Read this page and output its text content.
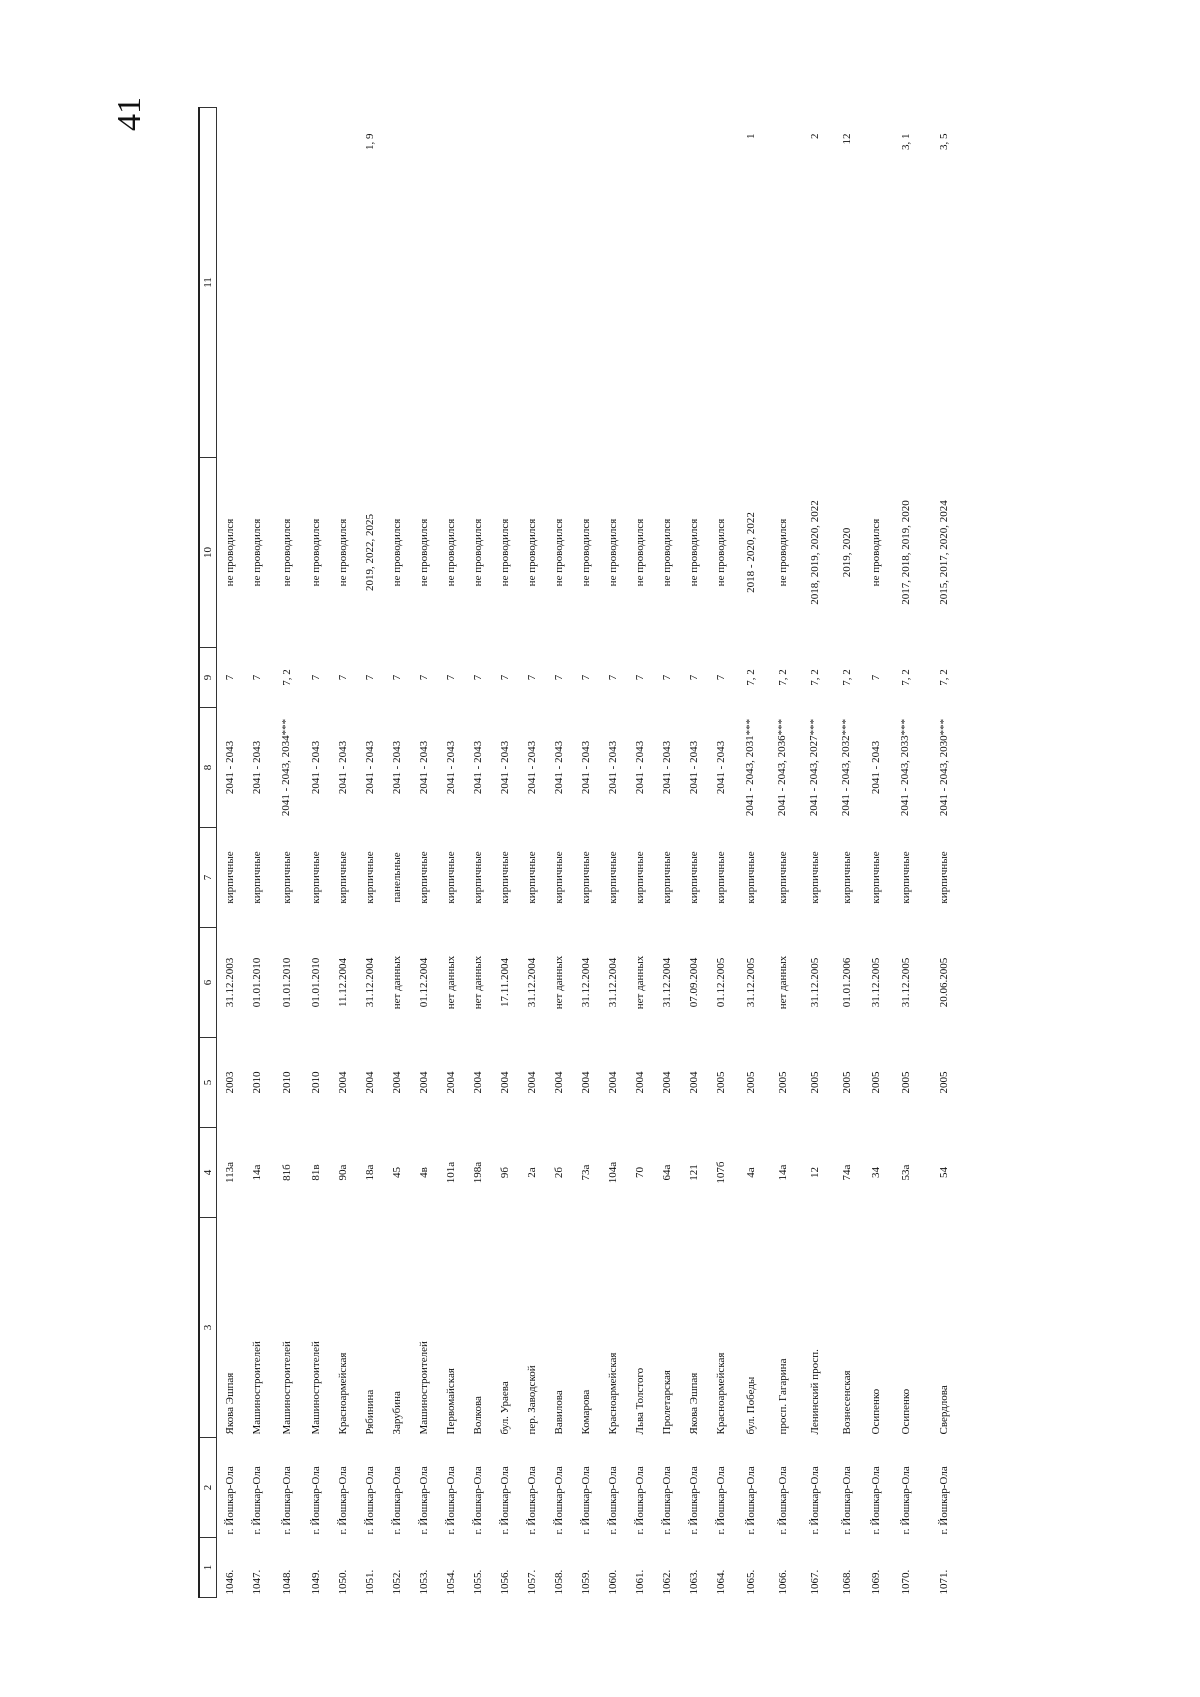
41
1	2	3	4	5	6	7	8	9	10	11
1046.	г. Йошкар-Ола	Якова Эшпая	113а	2003	31.12.2003	кирпичные	2041 - 2043	7	не проводился	
1047.	г. Йошкар-Ола	Машиностроителей	14а	2010	01.01.2010	кирпичные	2041 - 2043	7	не проводился	
1048.	г. Йошкар-Ола	Машиностроителей	81б	2010	01.01.2010	кирпичные	2041 - 2043, 2034***	7, 2	не проводился	
1049.	г. Йошкар-Ола	Машиностроителей	81в	2010	01.01.2010	кирпичные	2041 - 2043	7	не проводился	
1050.	г. Йошкар-Ола	Красноармейская	90а	2004	11.12.2004	кирпичные	2041 - 2043	7	не проводился	
1051.	г. Йошкар-Ола	Рябинина	18а	2004	31.12.2004	кирпичные	2041 - 2043	7	2019, 2022, 2025	1, 9
1052.	г. Йошкар-Ола	Зарубина	45	2004	нет данных	панельные	2041 - 2043	7	не проводился	
1053.	г. Йошкар-Ола	Машиностроителей	4в	2004	01.12.2004	кирпичные	2041 - 2043	7	не проводился	
1054.	г. Йошкар-Ола	Первомайская	101а	2004	нет данных	кирпичные	2041 - 2043	7	не проводился	
1055.	г. Йошкар-Ола	Волкова	198а	2004	нет данных	кирпичные	2041 - 2043	7	не проводился	
1056.	г. Йошкар-Ола	бул. Ураева	9б	2004	17.11.2004	кирпичные	2041 - 2043	7	не проводился	
1057.	г. Йошкар-Ола	пер. Заводской	2а	2004	31.12.2004	кирпичные	2041 - 2043	7	не проводился	
1058.	г. Йошкар-Ола	Вавилова	2б	2004	нет данных	кирпичные	2041 - 2043	7	не проводился	
1059.	г. Йошкар-Ола	Комарова	73а	2004	31.12.2004	кирпичные	2041 - 2043	7	не проводился	
1060.	г. Йошкар-Ола	Красноармейская	104а	2004	31.12.2004	кирпичные	2041 - 2043	7	не проводился	
1061.	г. Йошкар-Ола	Льва Толстого	70	2004	нет данных	кирпичные	2041 - 2043	7	не проводился	
1062.	г. Йошкар-Ола	Пролетарская	64а	2004	31.12.2004	кирпичные	2041 - 2043	7	не проводился	
1063.	г. Йошкар-Ола	Якова Эшпая	121	2004	07.09.2004	кирпичные	2041 - 2043	7	не проводился	
1064.	г. Йошкар-Ола	Красноармейская	107б	2005	01.12.2005	кирпичные	2041 - 2043	7	не проводился	
1065.	г. Йошкар-Ола	бул. Победы	4а	2005	31.12.2005	кирпичные	2041 - 2043, 2031***	7, 2	2018 - 2020, 2022	1
1066.	г. Йошкар-Ола	просп. Гагарина	14а	2005	нет данных	кирпичные	2041 - 2043, 2036***	7, 2	не проводился	
1067.	г. Йошкар-Ола	Ленинский просп.	12	2005	31.12.2005	кирпичные	2041 - 2043, 2027***	7, 2	2018, 2019, 2020, 2022	2
1068.	г. Йошкар-Ола	Вознесенская	74а	2005	01.01.2006	кирпичные	2041 - 2043, 2032***	7, 2	2019, 2020	12
1069.	г. Йошкар-Ола	Осипенко	34	2005	31.12.2005	кирпичные	2041 - 2043	7	не проводился	
1070.	г. Йошкар-Ола	Осипенко	53а	2005	31.12.2005	кирпичные	2041 - 2043, 2033***	7, 2	2017, 2018, 2019, 2020	3, 1
1071.	г. Йошкар-Ола	Свердлова	54	2005	20.06.2005	кирпичные	2041 - 2043, 2030***	7, 2	2015, 2017, 2020, 2024	3, 5
